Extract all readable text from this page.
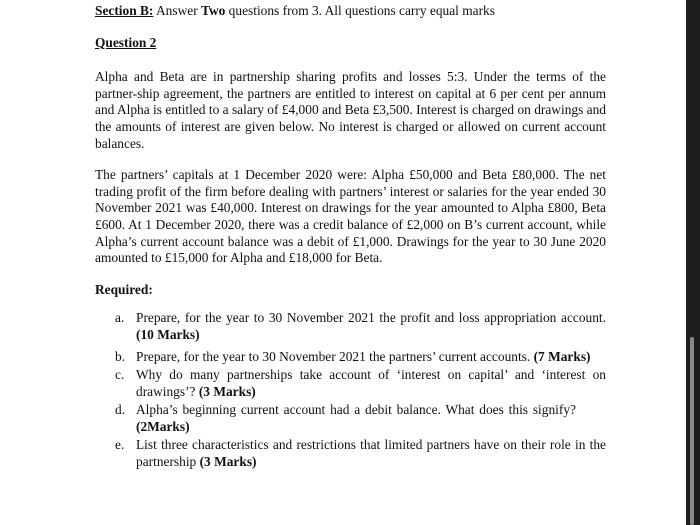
Section B: Answer Two questions from 3. All questions carry equal marks

Question 2

Alpha and Beta are in partnership sharing profits and losses 5:3. Under the terms of the partner-ship agreement, the partners are entitled to interest on capital at 6 per cent per annum and Alpha is entitled to a salary of £4,000 and Beta £3,500. Interest is charged on drawings and the amounts of interest are given below. No interest is charged or allowed on current account balances.

The partners’ capitals at 1 December 2020 were: Alpha £50,000 and Beta £80,000. The net trading profit of the firm before dealing with partners’ interest or salaries for the year ended 30 November 2021 was £40,000. Interest on drawings for the year amounted to Alpha £800, Beta £600. At 1 December 2020, there was a credit balance of £2,000 on B’s current account, while Alpha’s current account balance was a debit of £1,000. Drawings for the year to 30 June 2020 amounted to £15,000 for Alpha and £18,000 for Beta.

Required:

a. Prepare, for the year to 30 November 2021 the profit and loss appropriation account. (10 Marks)
b. Prepare, for the year to 30 November 2021 the partners’ current accounts. (7 Marks)
c. Why do many partnerships take account of ‘interest on capital’ and ‘interest on drawings’? (3 Marks)
d. Alpha’s beginning current account had a debit balance. What does this signify? (2Marks)
e. List three characteristics and restrictions that limited partners have on their role in the partnership (3 Marks)
